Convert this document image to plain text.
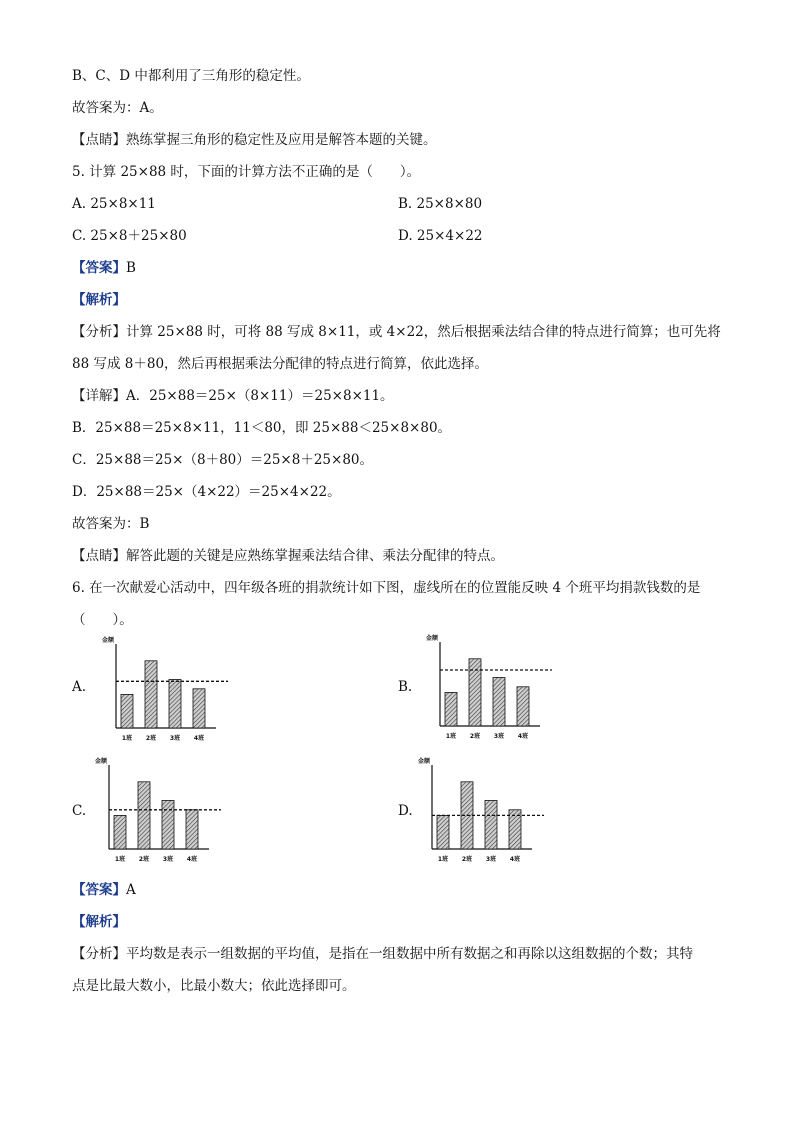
B、C、D 中都利用了三角形的稳定性。
故答案为：A。
【点睛】熟练掌握三角形的稳定性及应用是解答本题的关键。
5. 计算 25×88 时，下面的计算方法不正确的是（　　）。
A. 25×8×11	B. 25×8×80
C. 25×8＋25×80	D. 25×4×22
【答案】B
【解析】
【分析】计算 25×88 时，可将 88 写成 8×11，或 4×22，然后根据乘法结合律的特点进行简算；也可先将
88 写成 8＋80，然后再根据乘法分配律的特点进行简算，依此选择。
【详解】A．25×88＝25×（8×11）＝25×8×11。
B．25×88＝25×8×11，11＜80，即 25×88＜25×8×80。
C．25×88＝25×（8＋80）＝25×8＋25×80。
D．25×88＝25×（4×22）＝25×4×22。
故答案为：B
【点睛】解答此题的关键是应熟练掌握乘法结合律、乘法分配律的特点。
6. 在一次献爱心活动中，四年级各班的捐款统计如下图，虚线所在的位置能反映 4 个班平均捐款钱数的是
（　　）。
A.
金额
1班 2班 3班 4班
B.
金额
1班 2班 3班 4班
C.
金额
1班 2班 3班 4班
D.
金额
1班 2班 3班 4班
【答案】A
【解析】
【分析】平均数是表示一组数据的平均值，是指在一组数据中所有数据之和再除以这组数据的个数；其特
点是比最大数小，比最小数大；依此选择即可。
